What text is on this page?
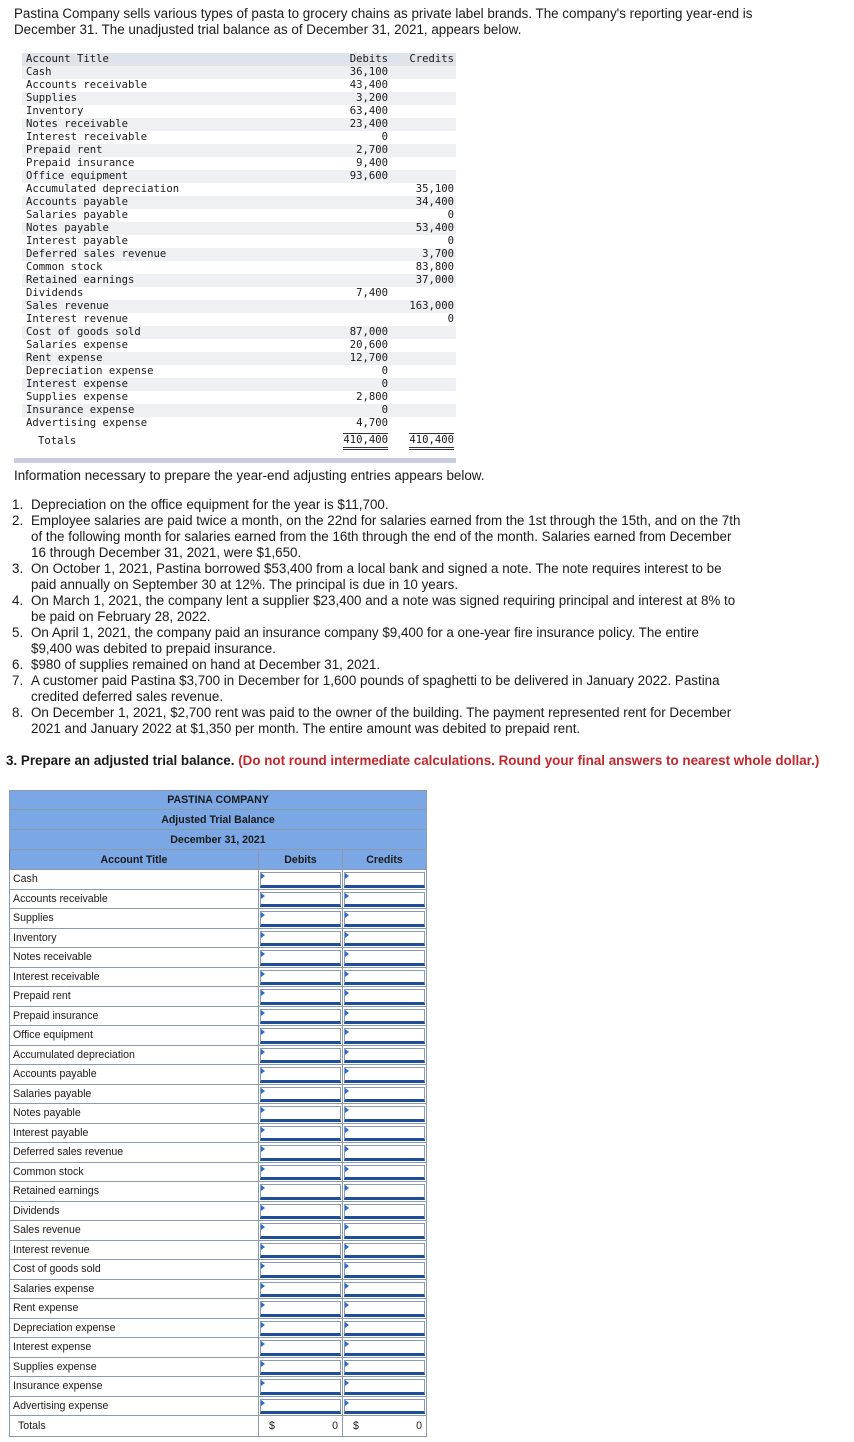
Pastina Company sells various types of pasta to grocery chains as private label brands. The company's reporting year-end is December 31. The unadjusted trial balance as of December 31, 2021, appears below.

Account Title	Debits	Credits
Cash	36,100	
Accounts receivable	43,400	
Supplies	3,200	
Inventory	63,400	
Notes receivable	23,400	
Interest receivable	0	
Prepaid rent	2,700	
Prepaid insurance	9,400	
Office equipment	93,600	
Accumulated depreciation		35,100
Accounts payable		34,400
Salaries payable		0
Notes payable		53,400
Interest payable		0
Deferred sales revenue		3,700
Common stock		83,800
Retained earnings		37,000
Dividends	7,400	
Sales revenue		163,000
Interest revenue		0
Cost of goods sold	87,000	
Salaries expense	20,600	
Rent expense	12,700	
Depreciation expense	0	
Interest expense	0	
Supplies expense	2,800	
Insurance expense	0	
Advertising expense	4,700	
Totals	410,400	410,400

Information necessary to prepare the year-end adjusting entries appears below.

1. Depreciation on the office equipment for the year is $11,700.
2. Employee salaries are paid twice a month, on the 22nd for salaries earned from the 1st through the 15th, and on the 7th of the following month for salaries earned from the 16th through the end of the month. Salaries earned from December 16 through December 31, 2021, were $1,650.
3. On October 1, 2021, Pastina borrowed $53,400 from a local bank and signed a note. The note requires interest to be paid annually on September 30 at 12%. The principal is due in 10 years.
4. On March 1, 2021, the company lent a supplier $23,400 and a note was signed requiring principal and interest at 8% to be paid on February 28, 2022.
5. On April 1, 2021, the company paid an insurance company $9,400 for a one-year fire insurance policy. The entire $9,400 was debited to prepaid insurance.
6. $980 of supplies remained on hand at December 31, 2021.
7. A customer paid Pastina $3,700 in December for 1,600 pounds of spaghetti to be delivered in January 2022. Pastina credited deferred sales revenue.
8. On December 1, 2021, $2,700 rent was paid to the owner of the building. The payment represented rent for December 2021 and January 2022 at $1,350 per month. The entire amount was debited to prepaid rent.

3. Prepare an adjusted trial balance. (Do not round intermediate calculations. Round your final answers to nearest whole dollar.)

PASTINA COMPANY		
Adjusted Trial Balance		
December 31, 2021		
Account Title	Debits	Credits
Cash	

Accounts receivable	

Supplies	

Inventory	

Notes receivable	

Interest receivable	

Prepaid rent	

Prepaid insurance	

Office equipment	

Accumulated depreciation	

Accounts payable	

Salaries payable	

Notes payable	

Interest payable	

Deferred sales revenue	

Common stock	

Retained earnings	

Dividends	

Sales revenue	

Interest revenue	

Cost of goods sold	

Salaries expense	

Rent expense	

Depreciation expense	

Interest expense	

Supplies expense	

Insurance expense	

Advertising expense	

Totals	$ 0	$ 0
